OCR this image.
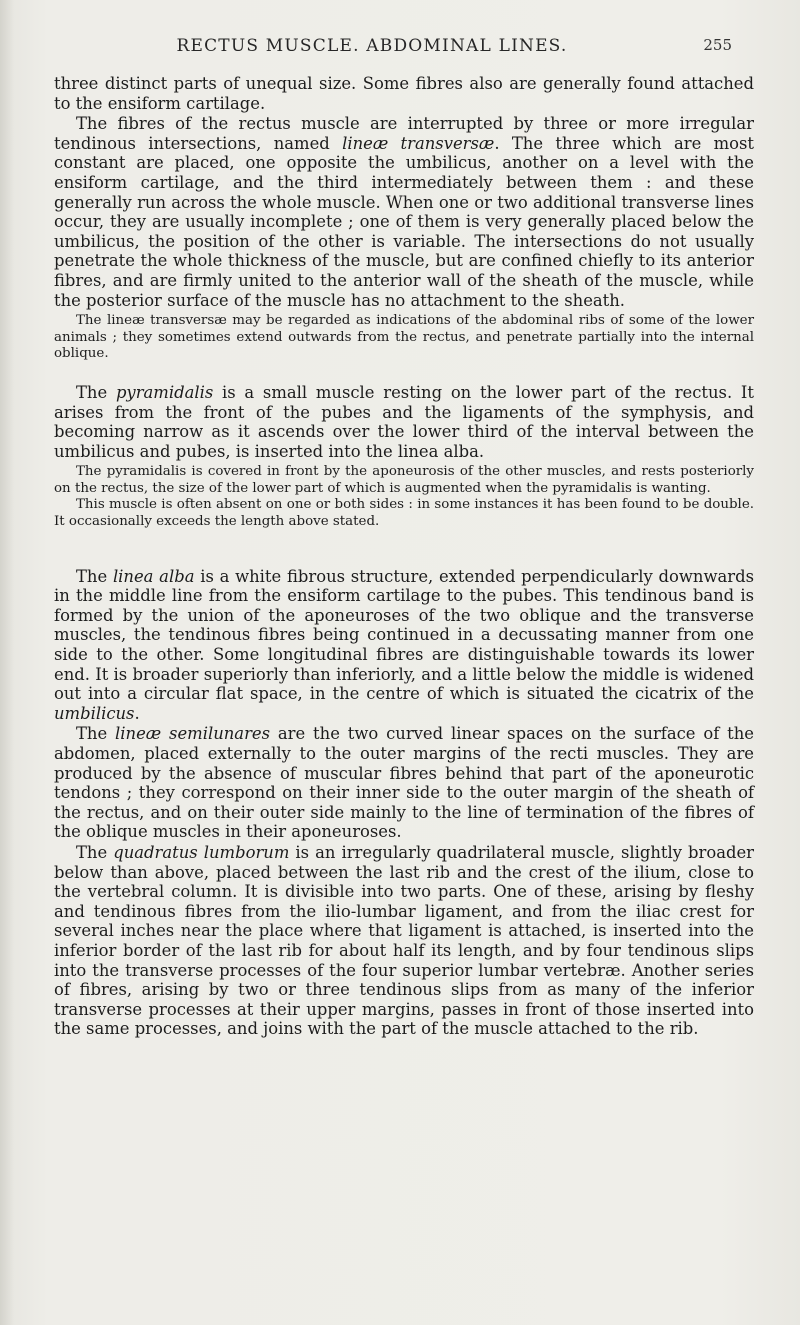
RECTUS MUSCLE. ABDOMINAL LINES.	255

three distinct parts of unequal size. Some fibres also are generally found attached to the ensiform cartilage.

The fibres of the rectus muscle are interrupted by three or more irregular tendinous intersections, named lineæ transversæ. The three which are most constant are placed, one opposite the umbilicus, another on a level with the ensiform cartilage, and the third intermediately between them : and these generally run across the whole muscle. When one or two additional transverse lines occur, they are usually incomplete ; one of them is very generally placed below the umbilicus, the position of the other is variable. The intersections do not usually penetrate the whole thickness of the muscle, but are confined chiefly to its anterior fibres, and are firmly united to the anterior wall of the sheath of the muscle, while the posterior surface of the muscle has no attachment to the sheath.

The lineæ transversæ may be regarded as indications of the abdominal ribs of some of the lower animals ; they sometimes extend outwards from the rectus, and penetrate partially into the internal oblique.

The pyramidalis is a small muscle resting on the lower part of the rectus. It arises from the front of the pubes and the ligaments of the symphysis, and becoming narrow as it ascends over the lower third of the interval between the umbilicus and pubes, is inserted into the linea alba.

The pyramidalis is covered in front by the aponeurosis of the other muscles, and rests posteriorly on the rectus, the size of the lower part of which is augmented when the pyramidalis is wanting.

This muscle is often absent on one or both sides : in some instances it has been found to be double. It occasionally exceeds the length above stated.

The linea alba is a white fibrous structure, extended perpendicularly downwards in the middle line from the ensiform cartilage to the pubes. This tendinous band is formed by the union of the aponeuroses of the two oblique and the transverse muscles, the tendinous fibres being continued in a decussating manner from one side to the other. Some longitudinal fibres are distinguishable towards its lower end. It is broader superiorly than inferiorly, and a little below the middle is widened out into a circular flat space, in the centre of which is situated the cicatrix of the umbilicus.

The lineæ semilunares are the two curved linear spaces on the surface of the abdomen, placed externally to the outer margins of the recti muscles. They are produced by the absence of muscular fibres behind that part of the aponeurotic tendons ; they correspond on their inner side to the outer margin of the sheath of the rectus, and on their outer side mainly to the line of termination of the fibres of the oblique muscles in their aponeuroses.

The quadratus lumborum is an irregularly quadrilateral muscle, slightly broader below than above, placed between the last rib and the crest of the ilium, close to the vertebral column. It is divisible into two parts. One of these, arising by fleshy and tendinous fibres from the ilio-lumbar ligament, and from the iliac crest for several inches near the place where that ligament is attached, is inserted into the inferior border of the last rib for about half its length, and by four tendinous slips into the transverse processes of the four superior lumbar vertebræ. Another series of fibres, arising by two or three tendinous slips from as many of the inferior transverse processes at their upper margins, passes in front of those inserted into the same processes, and joins with the part of the muscle attached to the rib.
